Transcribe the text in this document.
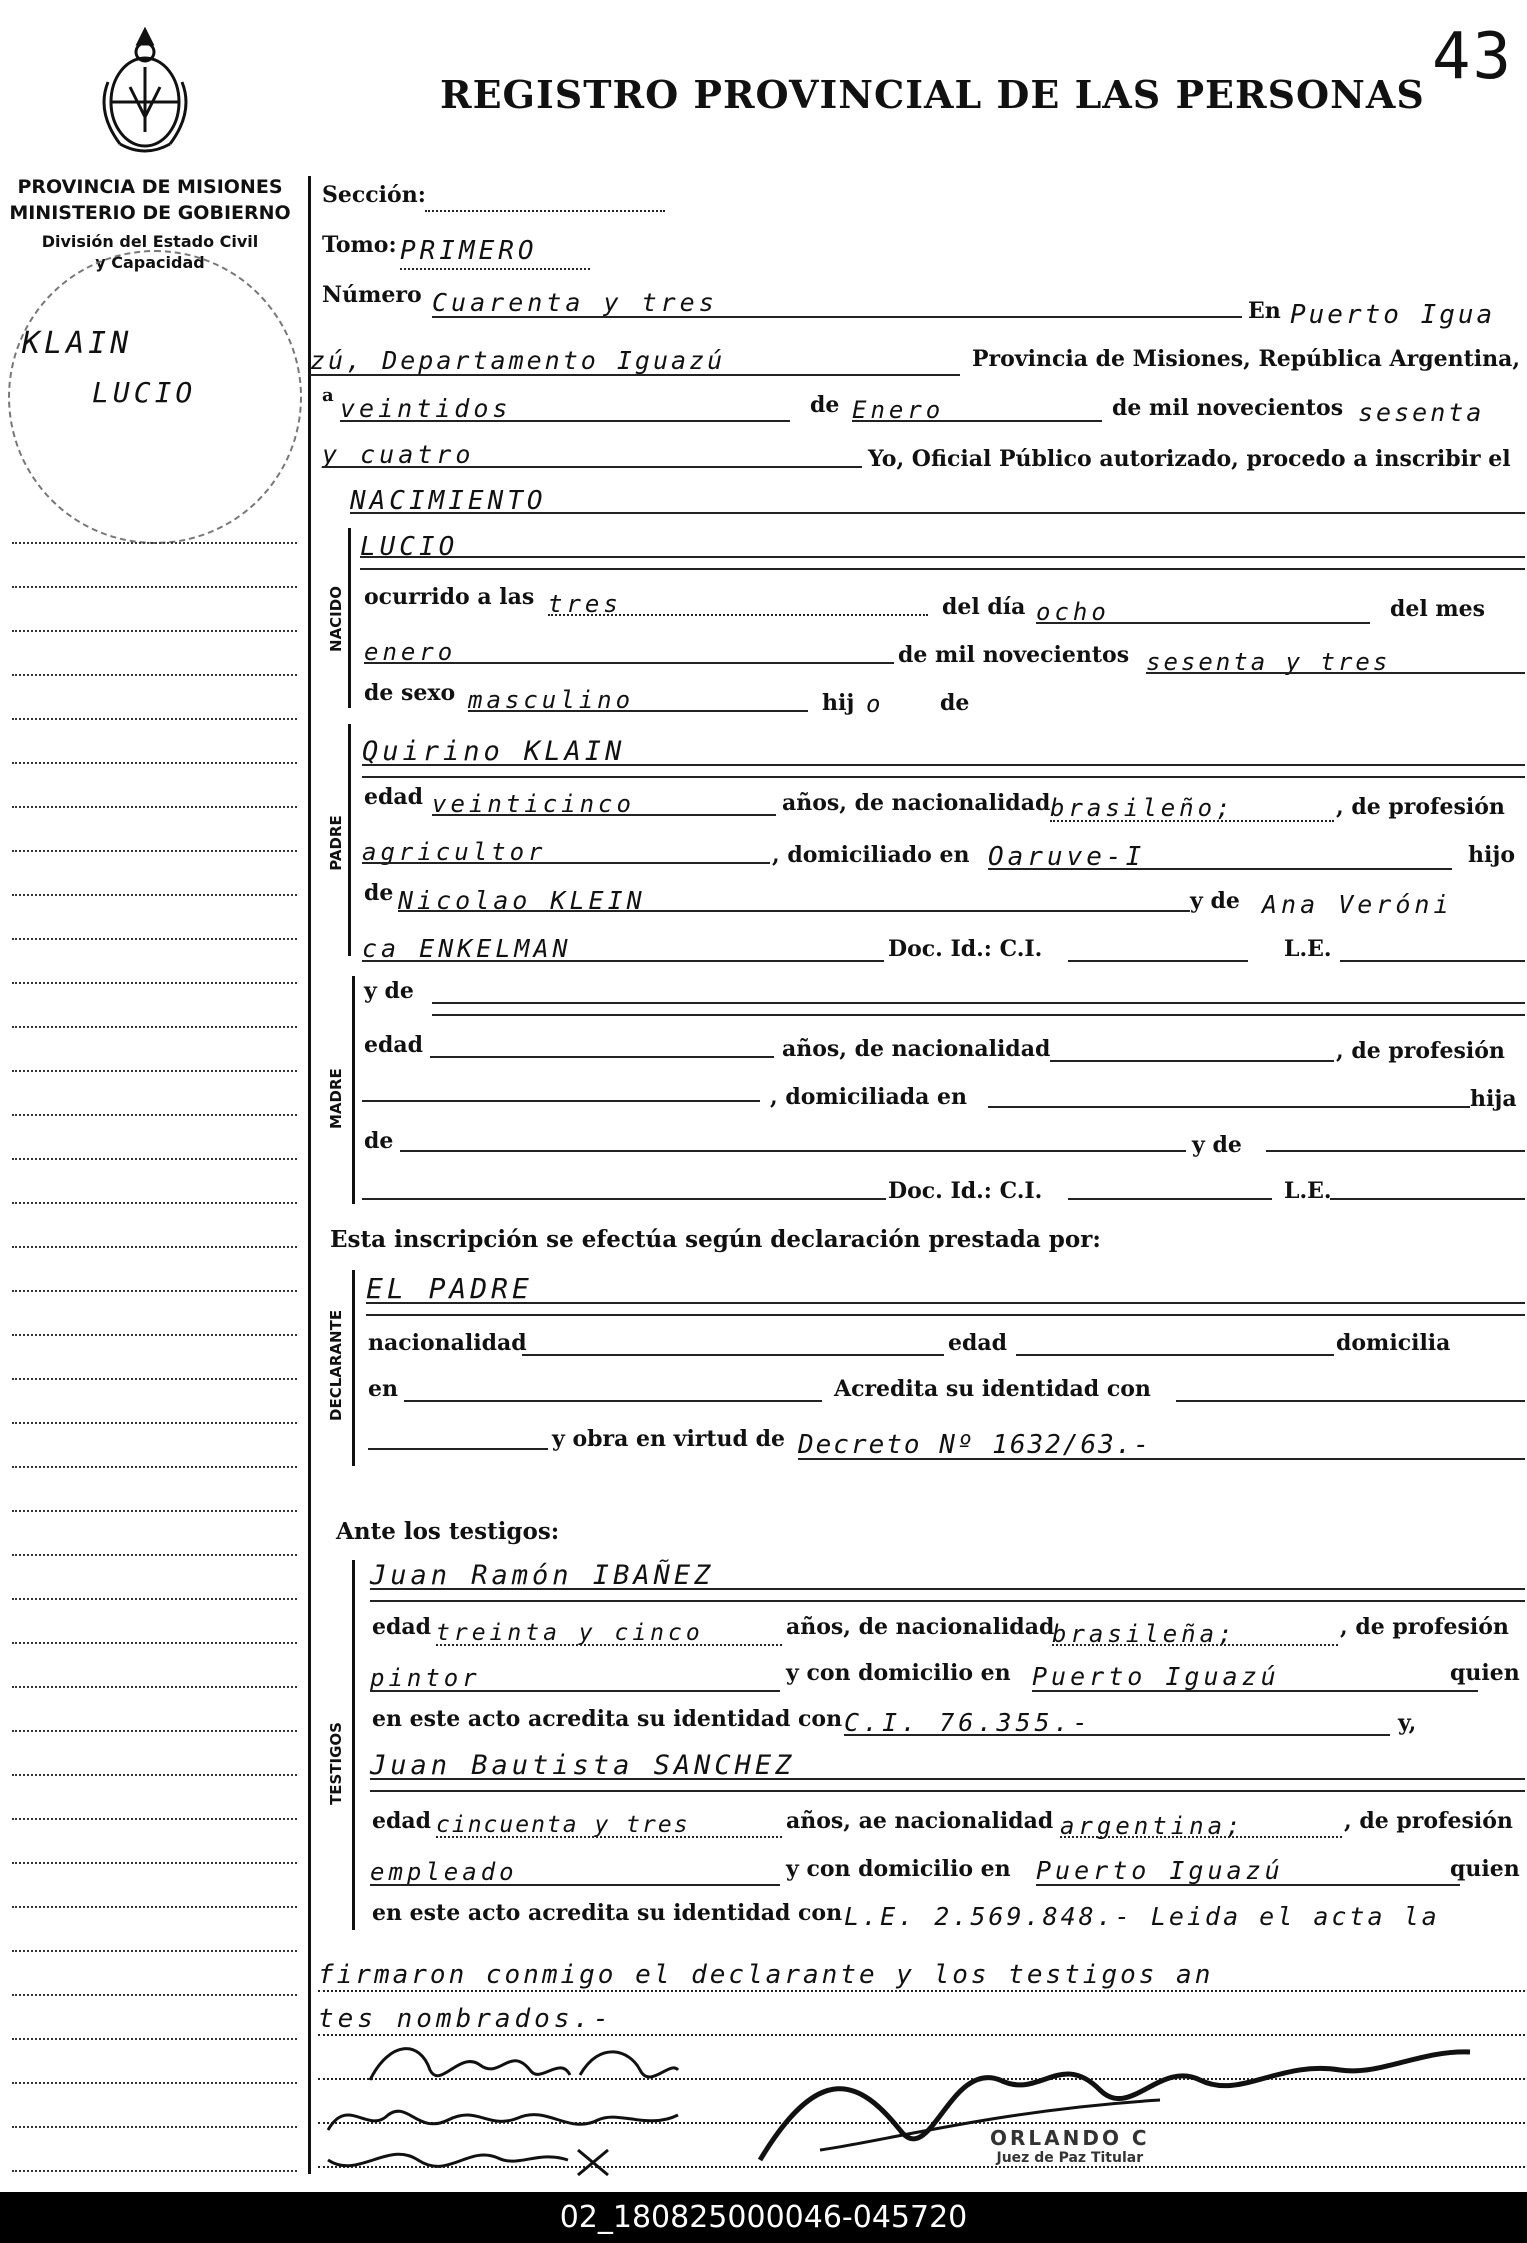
43
REGISTRO PROVINCIAL DE LAS PERSONAS
PROVINCIA DE MISIONES
MINISTERIO DE GOBIERNO
División del Estado Civil
y Capacidad
KLAIN
LUCIO
Sección:
Tomo: PRIMERO
Número Cuarenta y tres	En Puerto Igua
zú, Departamento Iguazú	Provincia de Misiones, República Argentina,
a veintidos	de Enero	de mil novecientos sesenta
y cuatro	Yo, Oficial Público autorizado, procedo a inscribir el
NACIMIENTO
NACIDO
LUCIO
ocurrido a las tres	del día ocho	del mes
enero	de mil novecientos sesenta y tres
de sexo masculino	hij o	de
PADRE
Quirino KLAIN
edad veinticinco	años, de nacionalidad brasileño;	, de profesión
agricultor	, domiciliado en Oaruve-I	hijo
de Nicolao KLEIN	y de Ana Veróni
ca ENKELMAN	Doc. Id.: C.I.	L.E.
MADRE
y de
edad	años, de nacionalidad	, de profesión
, domiciliada en	hija
de	y de
Doc. Id.: C.I.	L.E.
Esta inscripción se efectúa según declaración prestada por:
DECLARANTE
EL PADRE
nacionalidad	edad	domicilia
en	Acredita su identidad con
y obra en virtud de Decreto Nº 1632/63.-
Ante los testigos:
TESTIGOS
Juan Ramón IBAÑEZ
edad treinta y cinco	años, de nacionalidad
brasileña;	, de profesión
pintor	y con domicilio en Puerto Iguazú	quien
en este acto acredita su identidad con C.I. 76.355.-	y,
Juan Bautista SANCHEZ
edad cincuenta y tres	años, ae nacionalidad argentina;	, de profesión
empleado	y con domicilio en Puerto Iguazú	quien
en este acto acredita su identidad con L.E. 2.569.848.- Leida el acta la
firmaron conmigo el declarante y los testigos an
tes nombrados.-
ORLANDO C
Juez de Paz Titular
02_180825000046-045720
